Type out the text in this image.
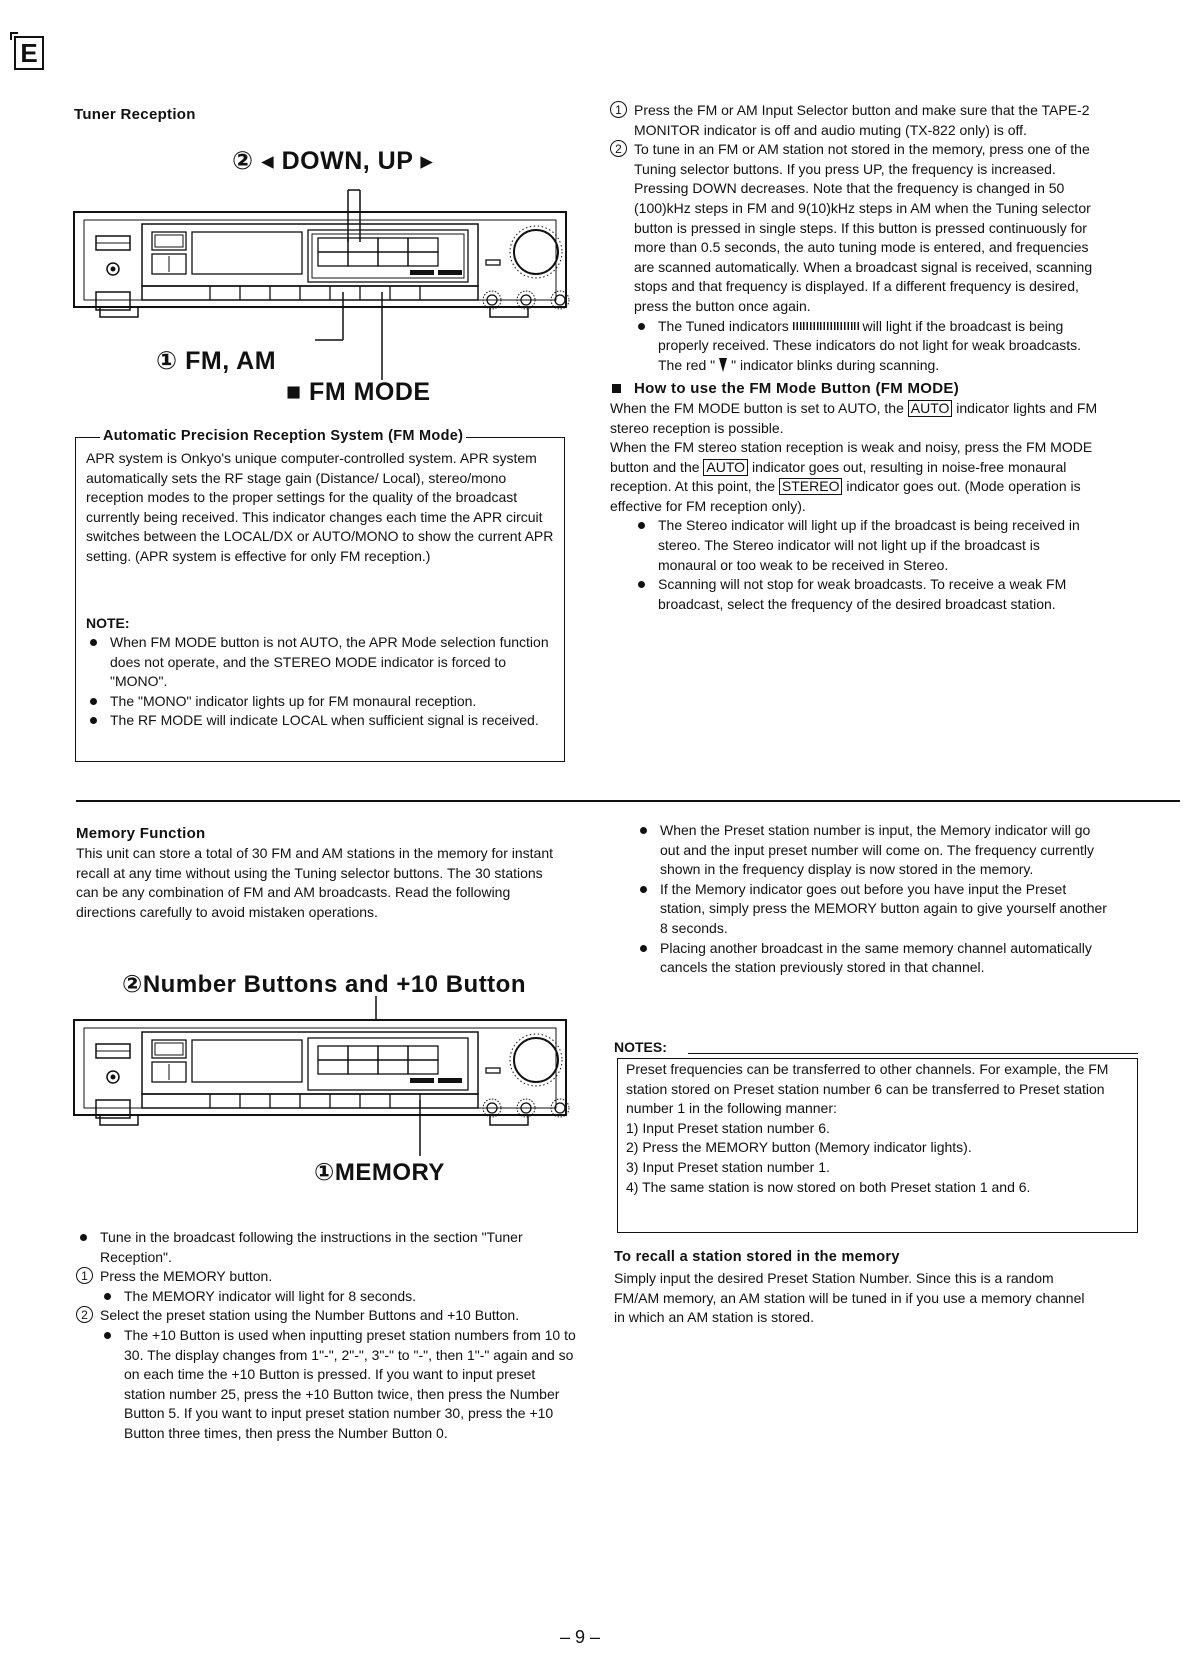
E
Tuner Reception
② ◂ DOWN, UP ▸
① FM, AM
■ FM MODE
Automatic Precision Reception System (FM Mode)
APR system is Onkyo's unique computer-controlled system. APR system automatically sets the RF stage gain (Distance/ Local), stereo/mono reception modes to the proper settings for the quality of the broadcast currently being received. This indicator changes each time the APR circuit switches between the LOCAL/DX or AUTO/MONO to show the current APR setting. (APR system is effective for only FM reception.)
NOTE:

When FM MODE button is not AUTO, the APR Mode selection function does not operate, and the STEREO MODE indicator is forced to "MONO".

The "MONO" indicator lights up for FM monaural reception.

The RF MODE will indicate LOCAL when sufficient signal is received.

1 Press the FM or AM Input Selector button and make sure that the TAPE-2 MONITOR indicator is off and audio muting (TX-822 only) is off.

2 To tune in an FM or AM station not stored in the memory, press one of the Tuning selector buttons. If you press UP, the frequency is increased. Pressing DOWN decreases. Note that the frequency is changed in 50 (100)kHz steps in FM and 9(10)kHz steps in AM when the Tuning selector button is pressed in single steps. If this button is pressed continuously for more than 0.5 seconds, the auto tuning mode is entered, and frequencies are scanned automatically. When a broadcast signal is received, scanning stops and that frequency is displayed. If a different frequency is desired, press the button once again.

The Tuned indicators	will light if the broadcast is being properly received. These indicators do not light for weak broadcasts. The red " " indicator blinks during scanning.

How to use the FM Mode Button (FM MODE)

When the FM MODE button is set to AUTO, the AUTO indicator lights and FM stereo reception is possible.

When the FM stereo station reception is weak and noisy, press the FM MODE button and the AUTO indicator goes out, resulting in noise-free monaural reception. At this point, the STEREO indicator goes out. (Mode operation is effective for FM reception only).

The Stereo indicator will light up if the broadcast is being received in stereo. The Stereo indicator will not light up if the broadcast is monaural or too weak to be received in Stereo.

Scanning will not stop for weak broadcasts. To receive a weak FM broadcast, select the frequency of the desired broadcast station.

Memory Function
This unit can store a total of 30 FM and AM stations in the memory for instant recall at any time without using the Tuning selector buttons. The 30 stations can be any combination of FM and AM broadcasts. Read the following directions carefully to avoid mistaken operations.
②Number Buttons and +10 Button
①MEMORY

Tune in the broadcast following the instructions in the section "Tuner Reception".

1 Press the MEMORY button.

The MEMORY indicator will light for 8 seconds.

2 Select the preset station using the Number Buttons and +10 Button.

The +10 Button is used when inputting preset station numbers from 10 to 30. The display changes from 1"-", 2"-", 3"-" to "-", then 1"-" again and so on each time the +10 Button is pressed. If you want to input preset station number 25, press the +10 Button twice, then press the Number Button 5. If you want to input preset station number 30, press the +10 Button three times, then press the Number Button 0.

When the Preset station number is input, the Memory indicator will go out and the input preset number will come on. The frequency currently shown in the frequency display is now stored in the memory.

If the Memory indicator goes out before you have input the Preset station, simply press the MEMORY button again to give yourself another 8 seconds.

Placing another broadcast in the same memory channel automatically cancels the station previously stored in that channel.

NOTES:

Preset frequencies can be transferred to other channels. For example, the FM station stored on Preset station number 6 can be transferred to Preset station number 1 in the following manner:

1) Input Preset station number 6.

2) Press the MEMORY button (Memory indicator lights).

3) Input Preset station number 1.

4) The same station is now stored on both Preset station 1 and 6.

To recall a station stored in the memory
Simply input the desired Preset Station Number. Since this is a random FM/AM memory, an AM station will be tuned in if you use a memory channel in which an AM station is stored.
– 9 –
